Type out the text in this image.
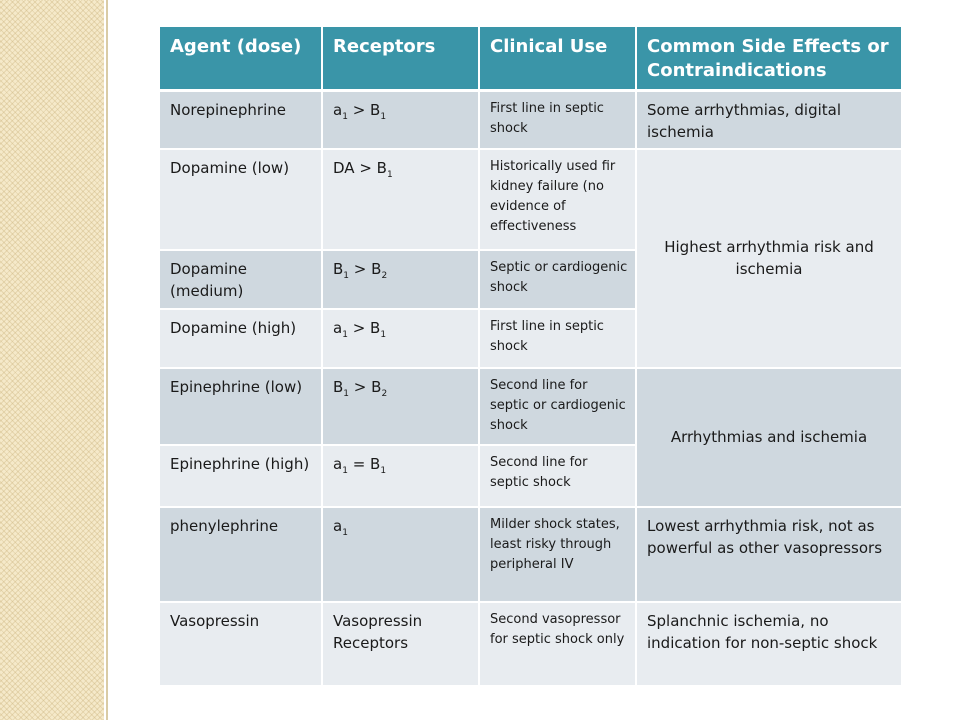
Agent (dose)	Receptors	Clinical Use	Common Side Effects or Contraindications
Norepinephrine	$a_1 > B_1$	First line in septic shock	Some arrhythmias, digital ischemia
Dopamine (low)	DA > $B_1$	Historically used fir kidney failure (no evidence of effectiveness	Highest arrhythmia risk and ischemia
Dopamine (medium)	$B_1 > B_2$	Septic or cardiogenic shock	
Dopamine (high)	$a_1 > B_1$	First line in septic shock	
Epinephrine (low)	$B_1 > B_2$	Second line for septic or cardiogenic shock	Arrhythmias and ischemia
Epinephrine (high)	$a_1 = B_1$	Second line for septic shock	
phenylephrine	$a_1$	Milder shock states, least risky through peripheral IV	Lowest arrhythmia risk, not as powerful as other vasopressors
Vasopressin	Vasopressin Receptors	Second vasopressor for septic shock only	Splanchnic ischemia, no indication for non-septic shock
